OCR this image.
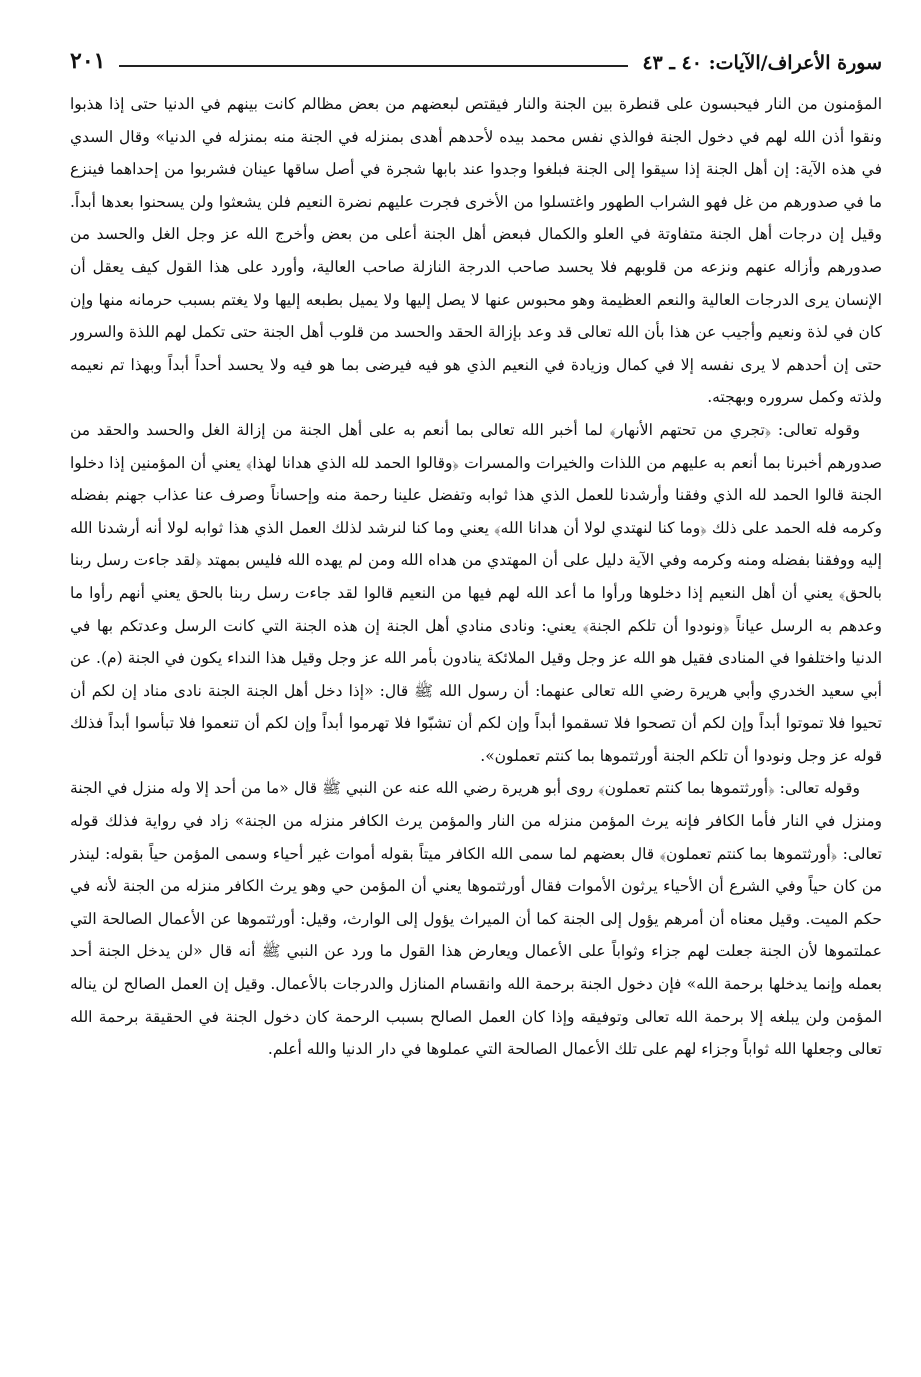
سورة الأعراف/الآيات: ٤٠ ـ ٤٣
٢٠١

المؤمنون من النار فيحبسون على قنطرة بين الجنة والنار فيقتص لبعضهم من بعض مظالم كانت بينهم في الدنيا حتى إذا هذبوا ونقوا أذن الله لهم في دخول الجنة فوالذي نفس محمد بيده لأحدهم أهدى بمنزله في الجنة منه بمنزله في الدنيا» وقال السدي في هذه الآية: إن أهل الجنة إذا سيقوا إلى الجنة فبلغوا وجدوا عند بابها شجرة في أصل ساقها عينان فشربوا من إحداهما فينزع ما في صدورهم من غل فهو الشراب الطهور واغتسلوا من الأخرى فجرت عليهم نضرة النعيم فلن يشعثوا ولن يسحنوا بعدها أبداً. وقيل إن درجات أهل الجنة متفاوتة في العلو والكمال فبعض أهل الجنة أعلى من بعض وأخرج الله عز وجل الغل والحسد من صدورهم وأزاله عنهم ونزعه من قلوبهم فلا يحسد صاحب الدرجة النازلة صاحب العالية، وأورد على هذا القول كيف يعقل أن الإنسان يرى الدرجات العالية والنعم العظيمة وهو محبوس عنها لا يصل إليها ولا يميل بطبعه إليها ولا يغتم بسبب حرمانه منها وإن كان في لذة ونعيم وأجيب عن هذا بأن الله تعالى قد وعد بإزالة الحقد والحسد من قلوب أهل الجنة حتى تكمل لهم اللذة والسرور حتى إن أحدهم لا يرى نفسه إلا في كمال وزيادة في النعيم الذي هو فيه فيرضى بما هو فيه ولا يحسد أحداً أبداً وبهذا تم نعيمه ولذته وكمل سروره وبهجته.

وقوله تعالى: ﴿تجري من تحتهم الأنهار﴾ لما أخبر الله تعالى بما أنعم به على أهل الجنة من إزالة الغل والحسد والحقد من صدورهم أخبرنا بما أنعم به عليهم من اللذات والخيرات والمسرات ﴿وقالوا الحمد لله الذي هدانا لهذا﴾ يعني أن المؤمنين إذا دخلوا الجنة قالوا الحمد لله الذي وفقنا وأرشدنا للعمل الذي هذا ثوابه وتفضل علينا رحمة منه وإحساناً وصرف عنا عذاب جهنم بفضله وكرمه فله الحمد على ذلك ﴿وما كنا لنهتدي لولا أن هدانا الله﴾ يعني وما كنا لنرشد لذلك العمل الذي هذا ثوابه لولا أنه أرشدنا الله إليه ووفقنا بفضله ومنه وكرمه وفي الآية دليل على أن المهتدي من هداه الله ومن لم يهده الله فليس بمهتد ﴿لقد جاءت رسل ربنا بالحق﴾ يعني أن أهل النعيم إذا دخلوها ورأوا ما أعد الله لهم فيها من النعيم قالوا لقد جاءت رسل ربنا بالحق يعني أنهم رأوا ما وعدهم به الرسل عياناً ﴿ونودوا أن تلكم الجنة﴾ يعني: ونادى منادي أهل الجنة إن هذه الجنة التي كانت الرسل وعدتكم بها في الدنيا واختلفوا في المنادى فقيل هو الله عز وجل وقيل الملائكة ينادون بأمر الله عز وجل وقيل هذا النداء يكون في الجنة (م). عن أبي سعيد الخدري وأبي هريرة رضي الله تعالى عنهما: أن رسول الله ﷺ قال: «إذا دخل أهل الجنة الجنة نادى مناد إن لكم أن تحيوا فلا تموتوا أبداً وإن لكم أن تصحوا فلا تسقموا أبداً وإن لكم أن تشبّوا فلا تهرموا أبداً وإن لكم أن تنعموا فلا تبأسوا أبداً فذلك قوله عز وجل ونودوا أن تلكم الجنة أورثتموها بما كنتم تعملون».

وقوله تعالى: ﴿أورثتموها بما كنتم تعملون﴾ روى أبو هريرة رضي الله عنه عن النبي ﷺ قال «ما من أحد إلا وله منزل في الجنة ومنزل في النار فأما الكافر فإنه يرث المؤمن منزله من النار والمؤمن يرث الكافر منزله من الجنة» زاد في رواية فذلك قوله تعالى: ﴿أورثتموها بما كنتم تعملون﴾ قال بعضهم لما سمى الله الكافر ميتاً بقوله أموات غير أحياء وسمى المؤمن حياً بقوله: لينذر من كان حياً وفي الشرع أن الأحياء يرثون الأموات فقال أورثتموها يعني أن المؤمن حي وهو يرث الكافر منزله من الجنة لأنه في حكم الميت. وقيل معناه أن أمرهم يؤول إلى الجنة كما أن الميراث يؤول إلى الوارث، وقيل: أورثتموها عن الأعمال الصالحة التي عملتموها لأن الجنة جعلت لهم جزاء وثواباً على الأعمال ويعارض هذا القول ما ورد عن النبي ﷺ أنه قال «لن يدخل الجنة أحد بعمله وإنما يدخلها برحمة الله» فإن دخول الجنة برحمة الله وانقسام المنازل والدرجات بالأعمال. وقيل إن العمل الصالح لن يناله المؤمن ولن يبلغه إلا برحمة الله تعالى وتوفيقه وإذا كان العمل الصالح بسبب الرحمة كان دخول الجنة في الحقيقة برحمة الله تعالى وجعلها الله ثواباً وجزاء لهم على تلك الأعمال الصالحة التي عملوها في دار الدنيا والله أعلم.
